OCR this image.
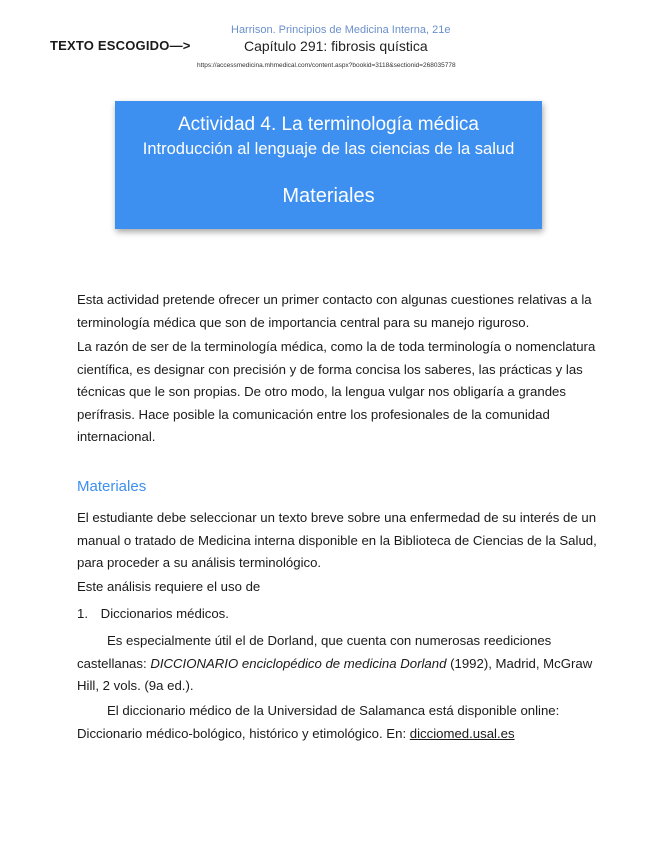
Harrison. Principios de Medicina Interna, 21e
TEXTO ESCOGIDO—>	Capítulo 291: fibrosis quística
https://accessmedicina.mhmedical.com/content.aspx?bookid=3118&sectionid=268035778
Actividad 4. La terminología médica
Introducción al lenguaje de las ciencias de la salud
Materiales

Esta actividad pretende ofrecer un primer contacto con algunas cuestiones relativas a la terminología médica que son de importancia central para su manejo riguroso.

La razón de ser de la terminología médica, como la de toda terminología o nomenclatura científica, es designar con precisión y de forma concisa los saberes, las prácticas y las técnicas que le son propias. De otro modo, la lengua vulgar nos obligaría a grandes perífrasis. Hace posible la comunicación entre los profesionales de la comunidad internacional.

Materiales

El estudiante debe seleccionar un texto breve sobre una enfermedad de su interés de un manual o tratado de Medicina interna disponible en la Biblioteca de Ciencias de la Salud, para proceder a su análisis terminológico.

Este análisis requiere el uso de

1. Diccionarios médicos.

Es especialmente útil el de Dorland, que cuenta con numerosas reediciones castellanas: DICCIONARIO enciclopédico de medicina Dorland (1992), Madrid, McGraw Hill, 2 vols. (9a ed.).

El diccionario médico de la Universidad de Salamanca está disponible online: Diccionario médico-bológico, histórico y etimológico. En: dicciomed.usal.es
